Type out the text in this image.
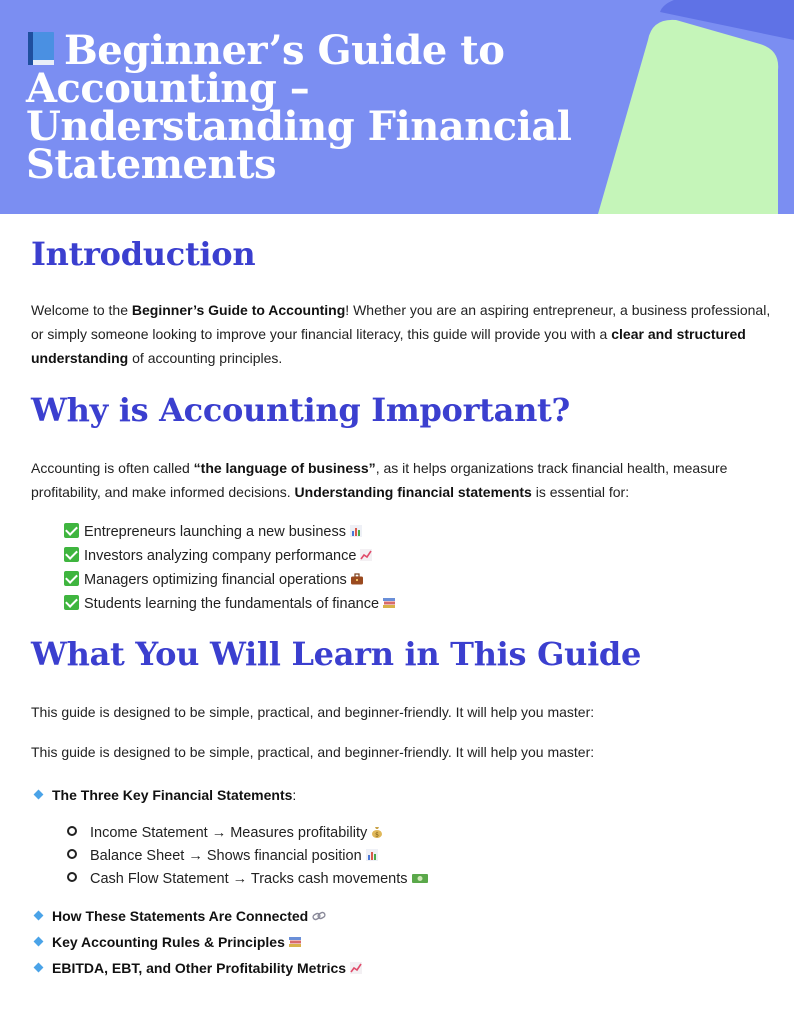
Beginner’s Guide to Accounting – Understanding Financial Statements
Introduction

Welcome to the Beginner’s Guide to Accounting! Whether you are an aspiring entrepreneur, a business professional, or simply someone looking to improve your financial literacy, this guide will provide you with a clear and structured understanding of accounting principles.

Why is Accounting Important?

Accounting is often called “the language of business”, as it helps organizations track financial health, measure profitability, and make informed decisions. Understanding financial statements is essential for:

Entrepreneurs launching a new business
Investors analyzing company performance
Managers optimizing financial operations
Students learning the fundamentals of finance
What You Will Learn in This Guide

This guide is designed to be simple, practical, and beginner-friendly. It will help you master:

This guide is designed to be simple, practical, and beginner-friendly. It will help you master:

The Three Key Financial Statements:
Income Statement → Measures profitability $
Balance Sheet → Shows financial position
Cash Flow Statement → Tracks cash movements
How These Statements Are Connected
Key Accounting Rules & Principles
EBITDA, EBT, and Other Profitability Metrics
